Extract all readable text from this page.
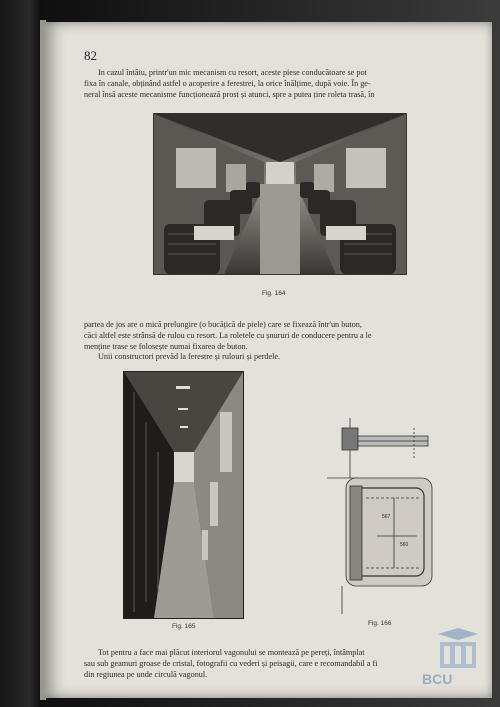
82
In cazul întâiu, printr'un mic mecanism cu resort, aceste piese conducătoare se pot
fixa în canale, obținând astfel o acoperire a ferestrei, la orice înălțime, după voie. În ge-
neral însă aceste mecanisme funcționează prost și atunci, spre a putea ține roleta trasă, în
Fig. 164
partea de jos are o mică prelungire (o bucățică de piele) care se fixează într'un buton,
căci altfel este strânsă de rulou cu resort. La roletele cu șnururi de conducere pentru a le
menține trase se folosește numai fixarea de buton.
Unii constructori prevăd la ferestre și rulouri și perdele.
Fig. 165
567
560
Fig. 166
Tot pentru a face mai plăcut interiorul vagonului se montează pe pereți, întâmplat
sau sub geamuri groase de cristal, fotografii cu vederi și peisagii, care e recomandabil a fi
din regiunea pe unde circulă vagonul.	BCU
